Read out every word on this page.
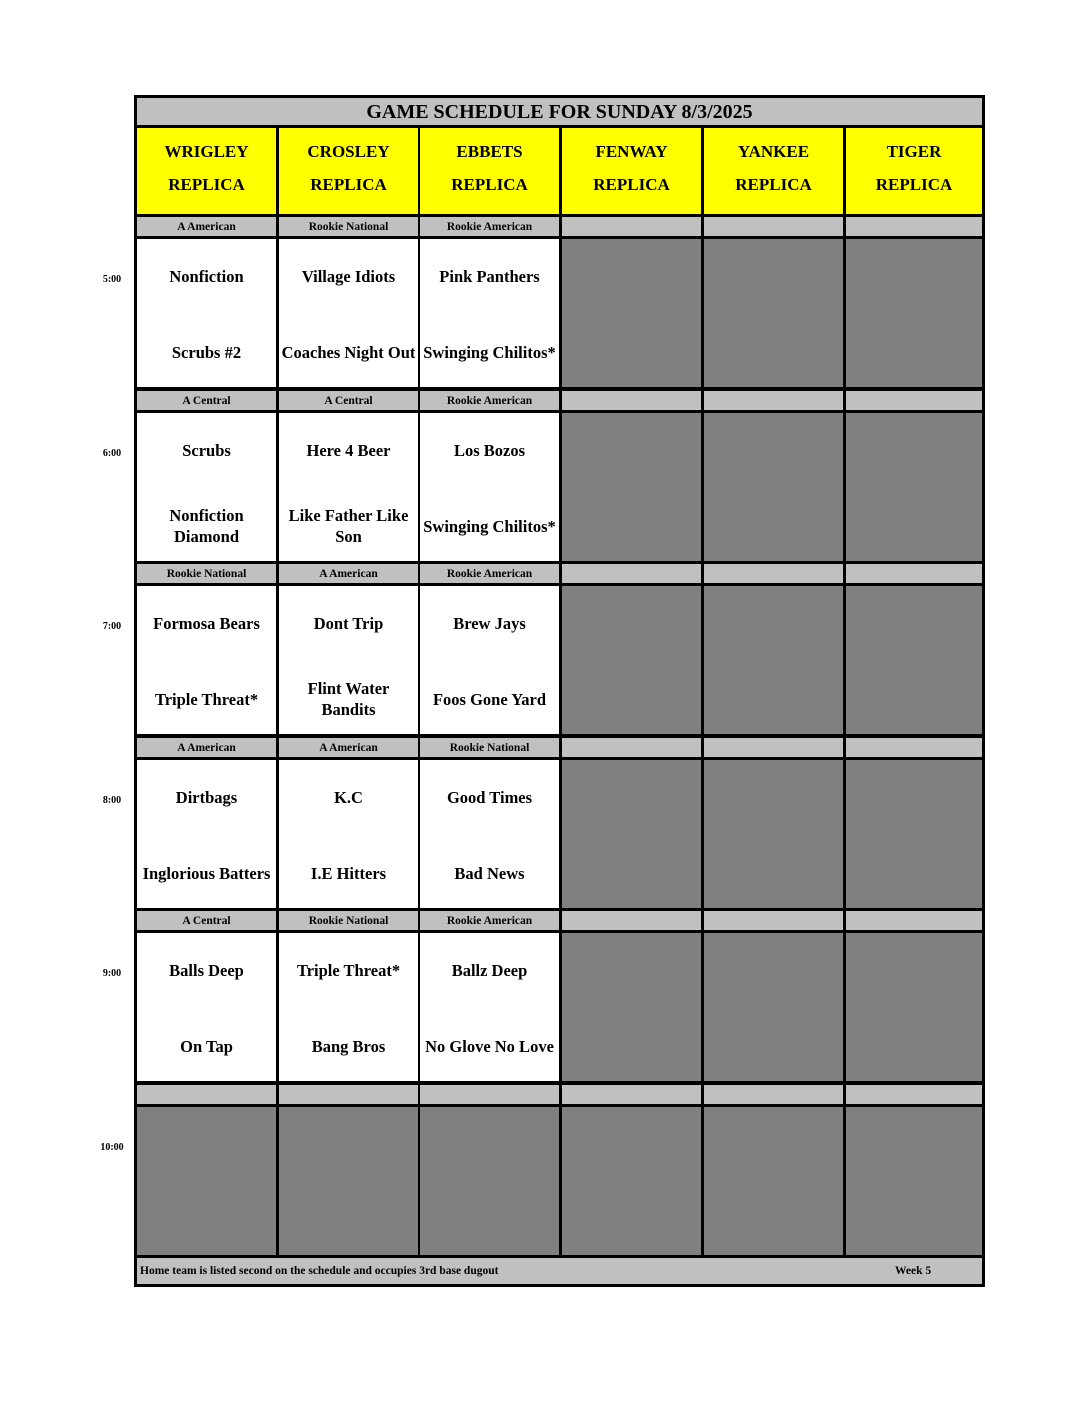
5:00
6:00
7:00
8:00
9:00
10:00
GAME SCHEDULE FOR SUNDAY 8/3/2025
WRIGLEY
REPLICA
CROSLEY
REPLICA
EBBETS
REPLICA
FENWAY
REPLICA
YANKEE
REPLICA
TIGER
REPLICA
A American
Nonfiction
Scrubs #2
Rookie National
Village Idiots
Coaches Night Out
Rookie American
Pink Panthers
Swinging Chilitos*
A Central
Scrubs
Nonfiction Diamond
A Central
Here 4 Beer
Like Father Like Son
Rookie American
Los Bozos
Swinging Chilitos*
Rookie National
Formosa Bears
Triple Threat*
A American
Dont Trip
Flint Water Bandits
Rookie American
Brew Jays
Foos Gone Yard
A American
Dirtbags
Inglorious Batters
A American
K.C
I.E Hitters
Rookie National
Good Times
Bad News
A Central
Balls Deep
On Tap
Rookie National
Triple Threat*
Bang Bros
Rookie American
Ballz Deep
No Glove No Love
Home team is listed second on the schedule and occupies 3rd base dugout	Week 5
